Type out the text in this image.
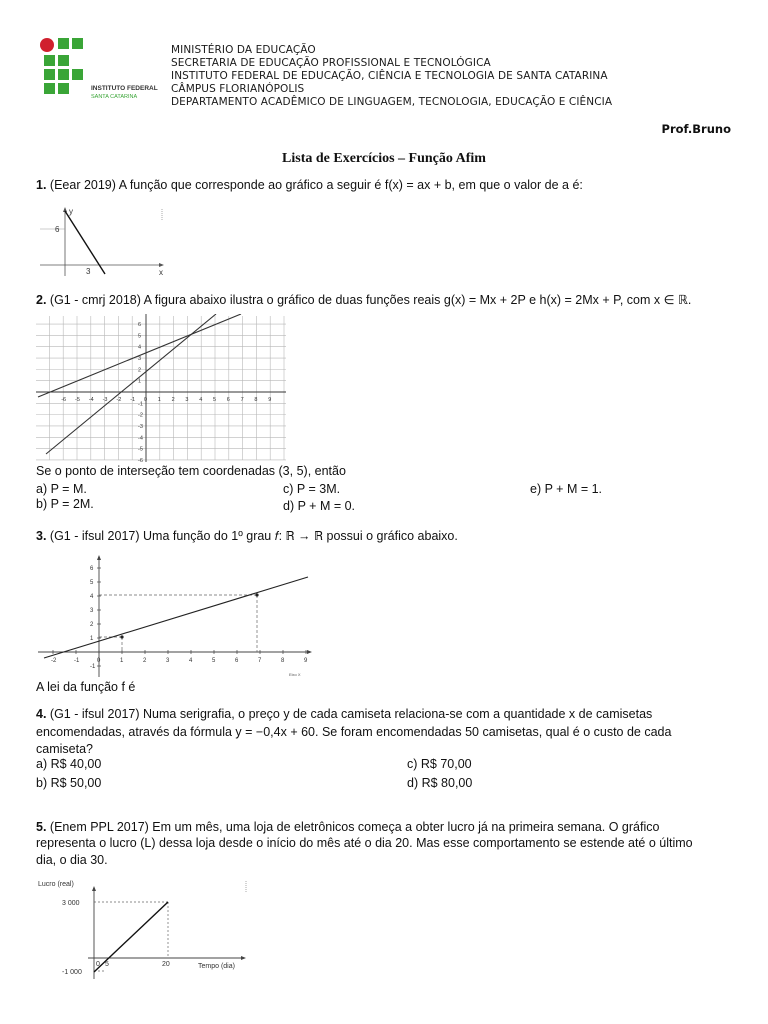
INSTITUTO FEDERAL
SANTA CATARINA
MINISTÉRIO DA EDUCAÇÃO
SECRETARIA DE EDUCAÇÃO PROFISSIONAL E TECNOLÓGICA
INSTITUTO FEDERAL DE EDUCAÇÃO, CIÊNCIA E TECNOLOGIA DE SANTA CATARINA
CÂMPUS FLORIANÓPOLIS
DEPARTAMENTO ACADÊMICO DE LINGUAGEM, TECNOLOGIA, EDUCAÇÃO E CIÊNCIA
Prof.Bruno
Lista de Exercícios – Função Afim
1. (Eear 2019) A função que corresponde ao gráfico a seguir é f(x) = ax + b, em que o valor de a é:
y
6
3	x
2. (G1 - cmrj 2018) A figura abaixo ilustra o gráfico de duas funções reais g(x) = Mx + 2P e h(x) = 2Mx + P, com x ∈ ℝ.
-6 -5 -4 -3 -2 -1 0 1 2 3 4 5 6 7 8 9
6
5
4
3
2
1
-1
-2
-3
-4
-5
-6
Se o ponto de interseção tem coordenadas (3, 5), então
a) P = M.
b) P = 2M.
c) P = 3M.
d) P + M = 0.
e) P + M = 1.
3. (G1 - ifsul 2017) Uma função do 1º grau 𝑓: ℝ → ℝ possui o gráfico abaixo.
-2	-1	0	1	2	3	4	5	6	7	8	9
6
5
4
3
2
1
-1
Eixo X
A lei da função f é
4. (G1 - ifsul 2017) Numa serigrafia, o preço y de cada camiseta relaciona-se com a quantidade x de camisetas
encomendadas, através da fórmula y = −0,4x + 60. Se foram encomendadas 50 camisetas, qual é o custo de cada
camiseta?
a) R$ 40,00
b) R$ 50,00
c) R$ 70,00
d) R$ 80,00
5. (Enem PPL 2017) Em um mês, uma loja de eletrônicos começa a obter lucro já na primeira semana. O gráfico
representa o lucro (L) dessa loja desde o início do mês até o dia 20. Mas esse comportamento se estende até o último
dia, o dia 30.
Lucro (real)
3 000
-1 000
0 5	20	Tempo (dia)
